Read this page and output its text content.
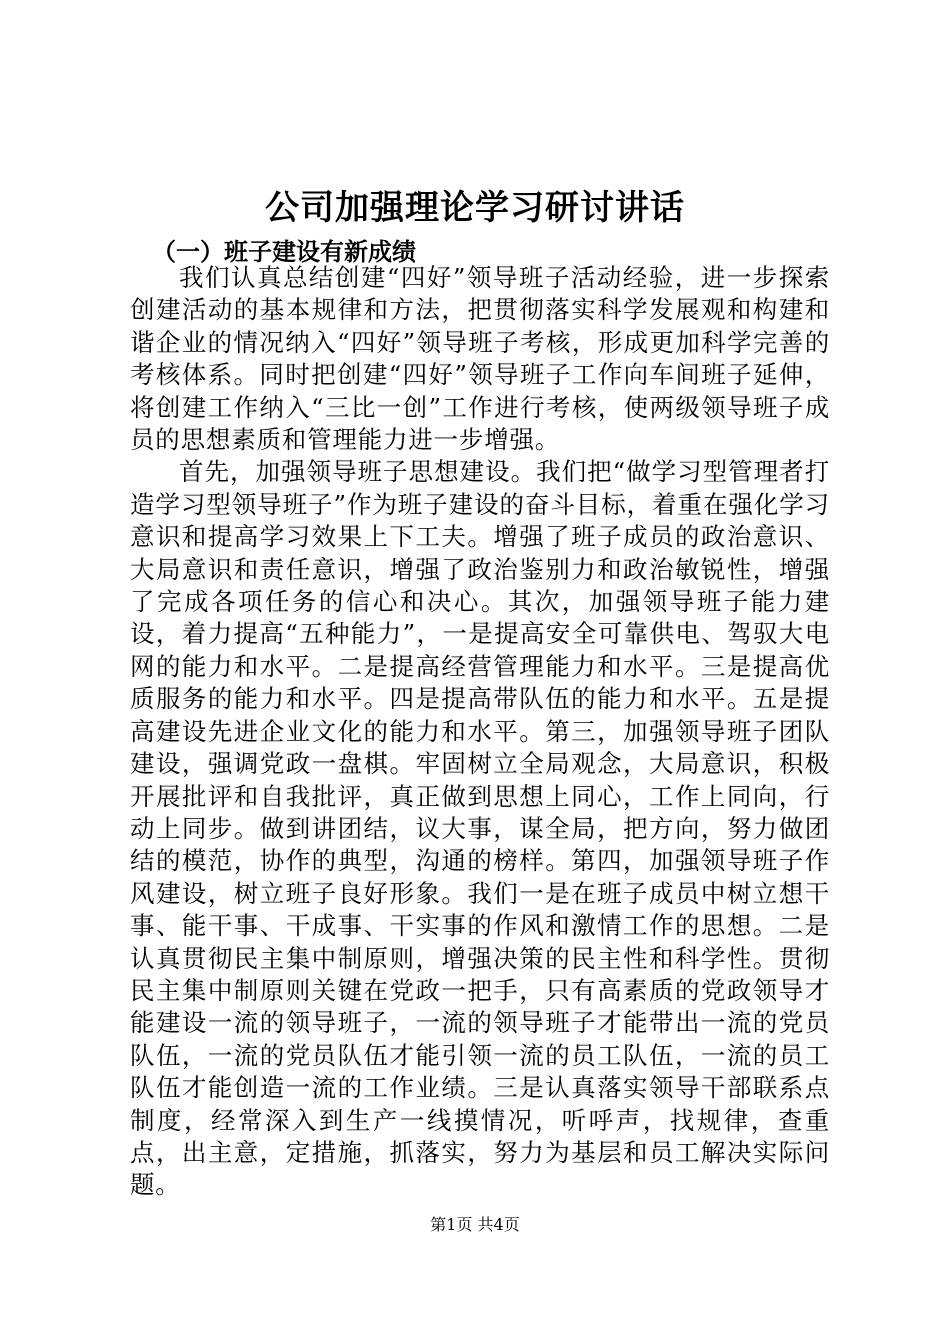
公司加强理论学习研讨讲话
（一）班子建设有新成绩

我们认真总结创建“四好”领导班子活动经验，进一步探索创建活动的基本规律和方法，把贯彻落实科学发展观和构建和谐企业的情况纳入“四好”领导班子考核，形成更加科学完善的考核体系。同时把创建“四好”领导班子工作向车间班子延伸，将创建工作纳入“三比一创”工作进行考核，使两级领导班子成员的思想素质和管理能力进一步增强。

首先，加强领导班子思想建设。我们把“做学习型管理者打造学习型领导班子”作为班子建设的奋斗目标，着重在强化学习意识和提高学习效果上下工夫。增强了班子成员的政治意识、大局意识和责任意识，增强了政治鉴别力和政治敏锐性，增强了完成各项任务的信心和决心。其次，加强领导班子能力建设，着力提高“五种能力”，一是提高安全可靠供电、驾驭大电网的能力和水平。二是提高经营管理能力和水平。三是提高优质服务的能力和水平。四是提高带队伍的能力和水平。五是提高建设先进企业文化的能力和水平。第三，加强领导班子团队建设，强调党政一盘棋。牢固树立全局观念，大局意识，积极开展批评和自我批评，真正做到思想上同心，工作上同向，行动上同步。做到讲团结，议大事，谋全局，把方向，努力做团结的模范，协作的典型，沟通的榜样。第四，加强领导班子作风建设，树立班子良好形象。我们一是在班子成员中树立想干事、能干事、干成事、干实事的作风和激情工作的思想。二是认真贯彻民主集中制原则，增强决策的民主性和科学性。贯彻民主集中制原则关键在党政一把手，只有高素质的党政领导才能建设一流的领导班子，一流的领导班子才能带出一流的党员队伍，一流的党员队伍才能引领一流的员工队伍，一流的员工队伍才能创造一流的工作业绩。三是认真落实领导干部联系点制度，经常深入到生产一线摸情况，听呼声，找规律，查重点，出主意，定措施，抓落实，努力为基层和员工解决实际问题。

第1页 共4页
